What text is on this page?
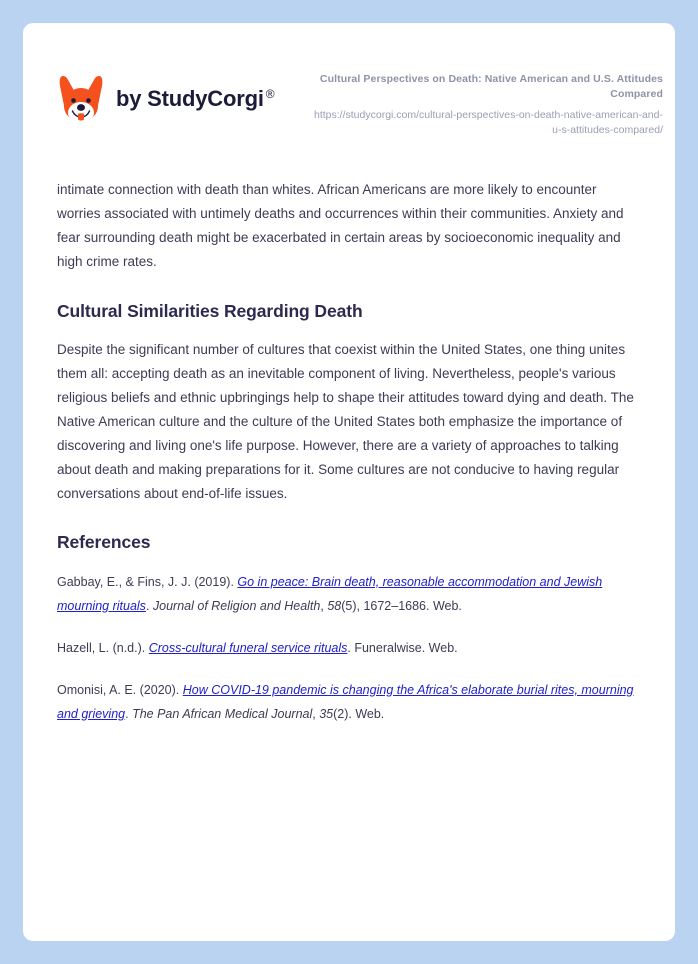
by StudyCorgi ®
Cultural Perspectives on Death: Native American and U.S. Attitudes Compared
https://studycorgi.com/cultural-perspectives-on-death-native-american-and-u-s-attitudes-compared/

intimate connection with death than whites. African Americans are more likely to encounter worries associated with untimely deaths and occurrences within their communities. Anxiety and fear surrounding death might be exacerbated in certain areas by socioeconomic inequality and high crime rates.

Cultural Similarities Regarding Death

Despite the significant number of cultures that coexist within the United States, one thing unites them all: accepting death as an inevitable component of living. Nevertheless, people's various religious beliefs and ethnic upbringings help to shape their attitudes toward dying and death. The Native American culture and the culture of the United States both emphasize the importance of discovering and living one's life purpose. However, there are a variety of approaches to talking about death and making preparations for it. Some cultures are not conducive to having regular conversations about end-of-life issues.

References

Gabbay, E., & Fins, J. J. (2019). Go in peace: Brain death, reasonable accommodation and Jewish mourning rituals. Journal of Religion and Health, 58(5), 1672–1686. Web.

Hazell, L. (n.d.). Cross-cultural funeral service rituals. Funeralwise. Web.

Omonisi, A. E. (2020). How COVID-19 pandemic is changing the Africa's elaborate burial rites, mourning and grieving. The Pan African Medical Journal, 35(2). Web.
